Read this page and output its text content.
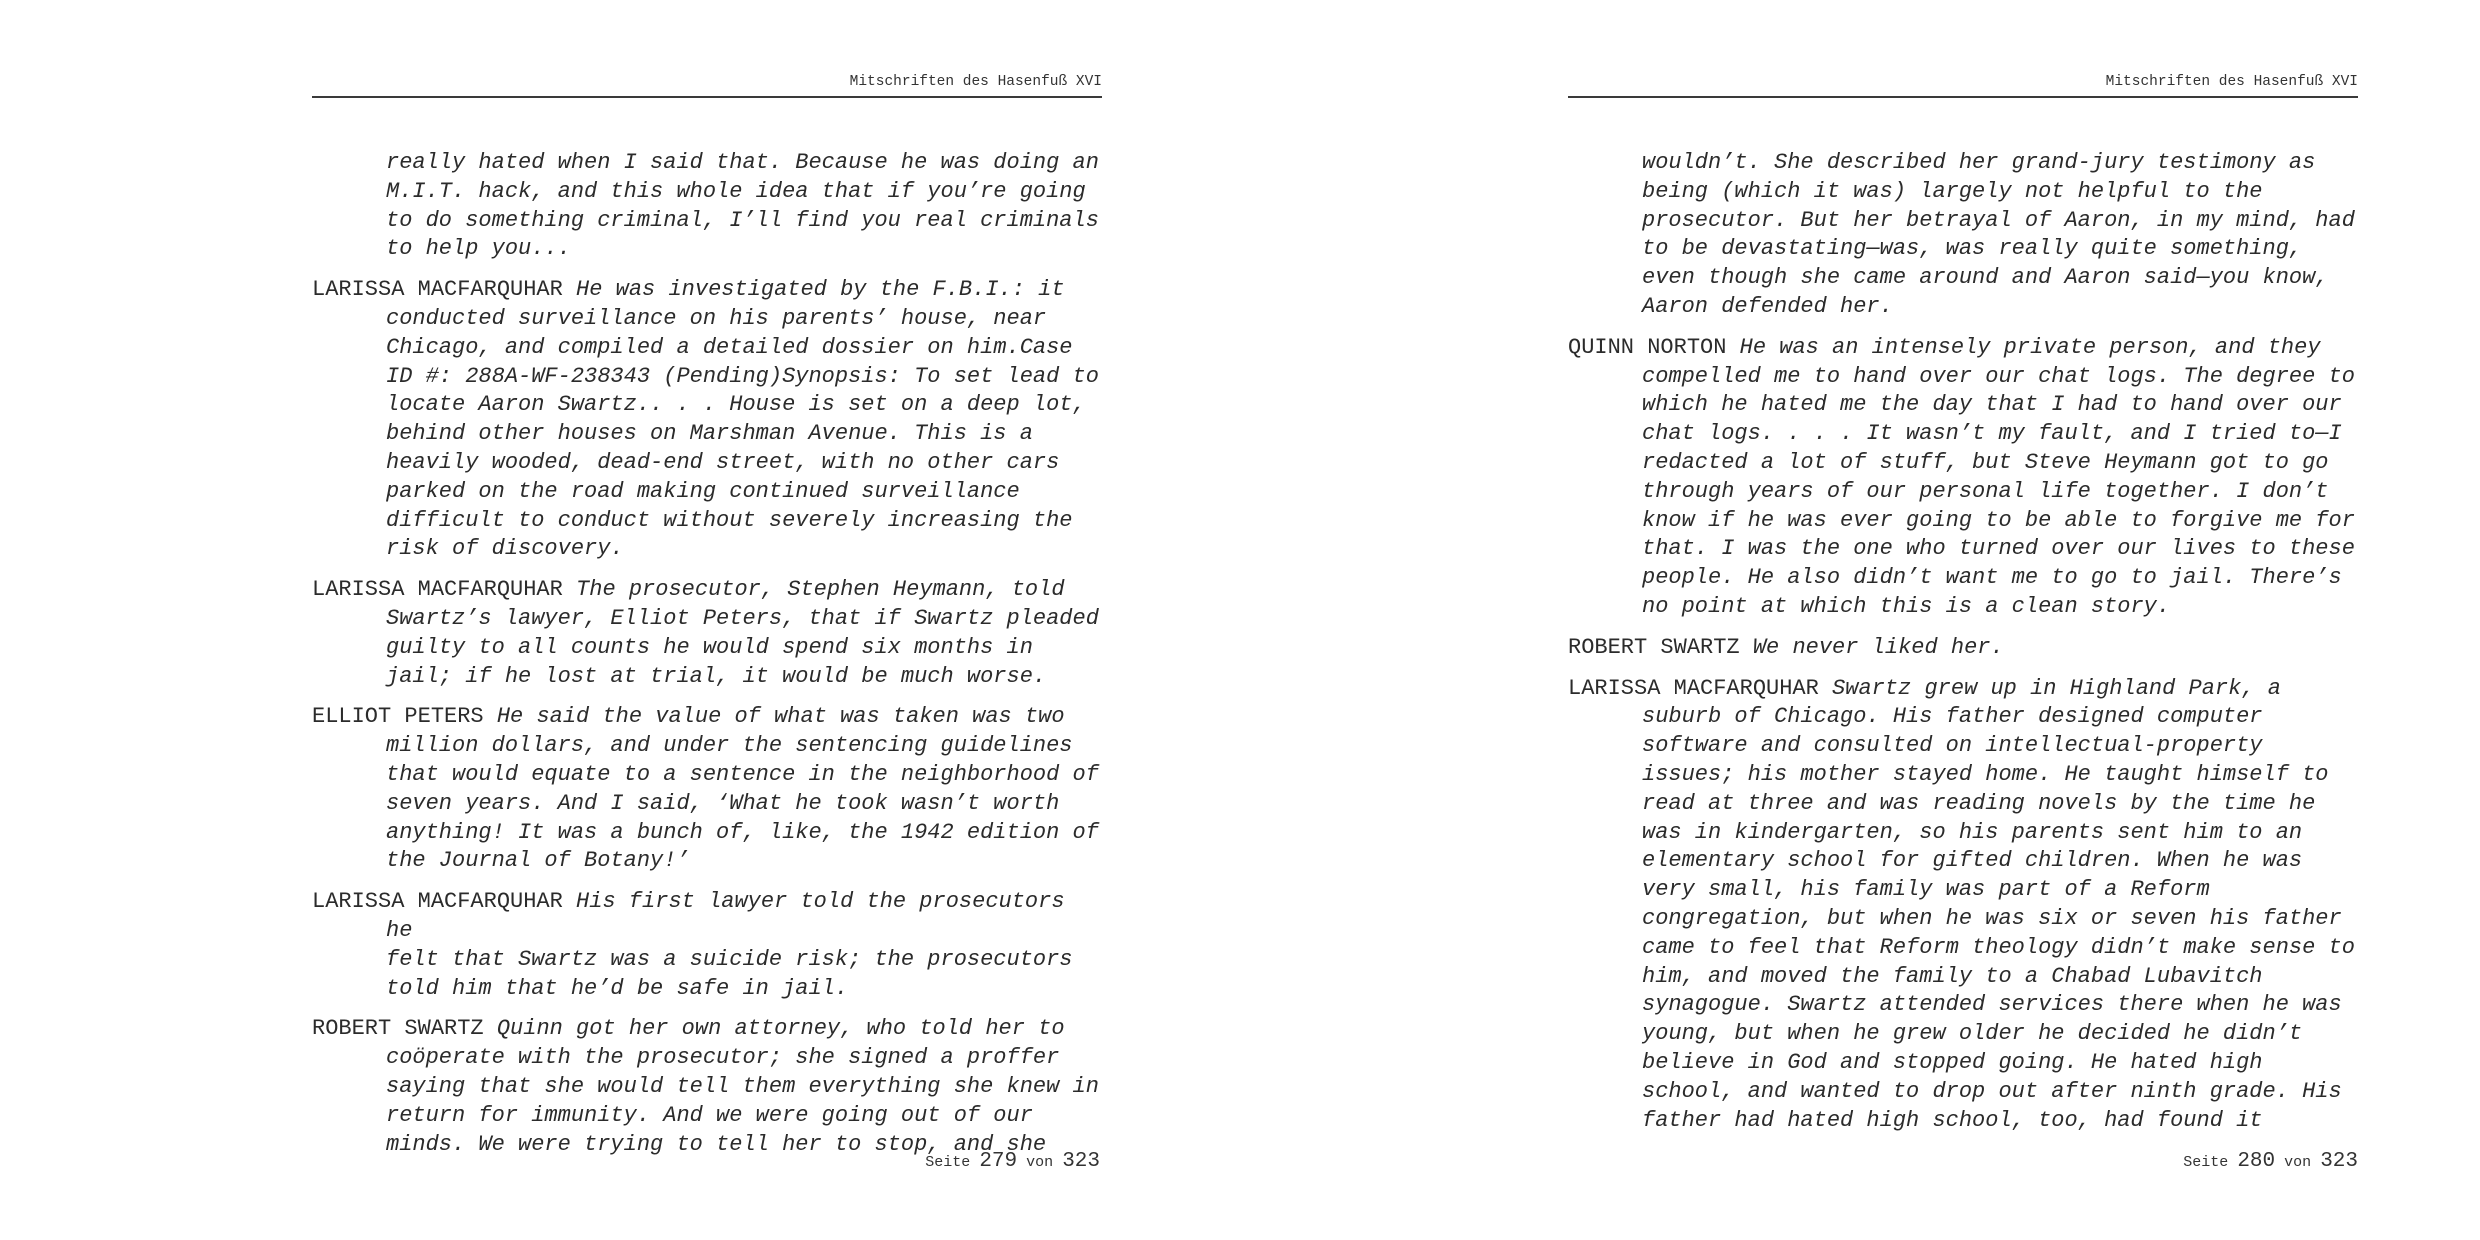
Mitschriften des Hasenfuß XVI

really hated when I said that. Because he was doing an
M.I.T. hack, and this whole idea that if you’re going
to do something criminal, I’ll find you real criminals
to help you...

LARISSA MACFARQUHAR He was investigated by the F.B.I.: it
conducted surveillance on his parents’ house, near
Chicago, and compiled a detailed dossier on him.Case
ID #: 288A-WF-238343 (Pending)Synopsis: To set lead to
locate Aaron Swartz.. . . House is set on a deep lot,
behind other houses on Marshman Avenue. This is a
heavily wooded, dead-end street, with no other cars
parked on the road making continued surveillance
difficult to conduct without severely increasing the
risk of discovery.

LARISSA MACFARQUHAR The prosecutor, Stephen Heymann, told
Swartz’s lawyer, Elliot Peters, that if Swartz pleaded
guilty to all counts he would spend six months in
jail; if he lost at trial, it would be much worse.

ELLIOT PETERS He said the value of what was taken was two
million dollars, and under the sentencing guidelines
that would equate to a sentence in the neighborhood of
seven years. And I said, ‘What he took wasn’t worth
anything! It was a bunch of, like, the 1942 edition of
the Journal of Botany!’

LARISSA MACFARQUHAR His first lawyer told the prosecutors he
felt that Swartz was a suicide risk; the prosecutors
told him that he’d be safe in jail.

ROBERT SWARTZ Quinn got her own attorney, who told her to
coöperate with the prosecutor; she signed a proffer
saying that she would tell them everything she knew in
return for immunity. And we were going out of our
minds. We were trying to tell her to stop, and she

Seite 279 von 323
Mitschriften des Hasenfuß XVI

wouldn’t. She described her grand-jury testimony as
being (which it was) largely not helpful to the
prosecutor. But her betrayal of Aaron, in my mind, had
to be devastating—was, was really quite something,
even though she came around and Aaron said—you know,
Aaron defended her.

QUINN NORTON He was an intensely private person, and they
compelled me to hand over our chat logs. The degree to
which he hated me the day that I had to hand over our
chat logs. . . . It wasn’t my fault, and I tried to—I
redacted a lot of stuff, but Steve Heymann got to go
through years of our personal life together. I don’t
know if he was ever going to be able to forgive me for
that. I was the one who turned over our lives to these
people. He also didn’t want me to go to jail. There’s
no point at which this is a clean story.

ROBERT SWARTZ We never liked her.

LARISSA MACFARQUHAR Swartz grew up in Highland Park, a
suburb of Chicago. His father designed computer
software and consulted on intellectual-property
issues; his mother stayed home. He taught himself to
read at three and was reading novels by the time he
was in kindergarten, so his parents sent him to an
elementary school for gifted children. When he was
very small, his family was part of a Reform
congregation, but when he was six or seven his father
came to feel that Reform theology didn’t make sense to
him, and moved the family to a Chabad Lubavitch
synagogue. Swartz attended services there when he was
young, but when he grew older he decided he didn’t
believe in God and stopped going. He hated high
school, and wanted to drop out after ninth grade. His
father had hated high school, too, had found it

Seite 280 von 323
